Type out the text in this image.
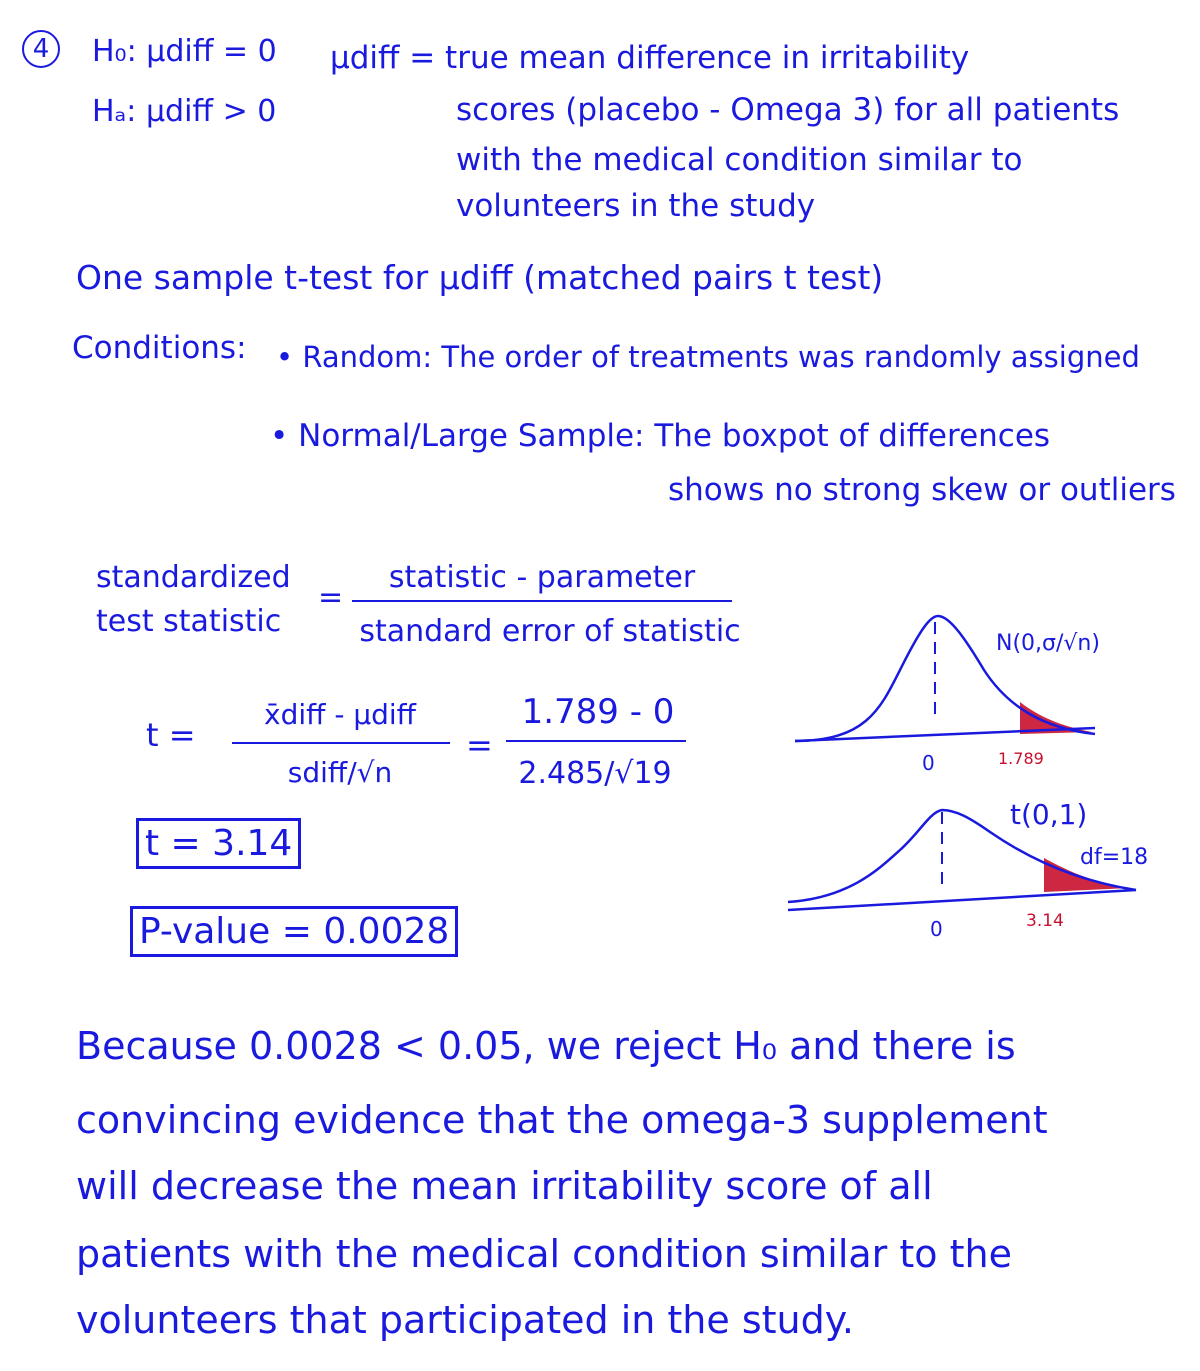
4	H₀: μdiff = 0
Hₐ: μdiff > 0
μdiff = true mean difference in irritability
scores (placebo - Omega 3) for all patients
with the medical condition similar to
volunteers in the study
One sample t-test for μdiff (matched pairs t test)
Conditions: • Random: The order of treatments was randomly assigned
• Normal/Large Sample: The boxpot of differences
shows no strong skew or outliers
standardized
test statistic
=
statistic - parameter
standard error of statistic
t =
x̄diff - μdiff
sdiff/√n
=
1.789 - 0
2.485/√19
t = 3.14
P-value = 0.0028
N(0,σ/√n)
0	1.789
t(0,1)
df=18
0	3.14
Because 0.0028 < 0.05, we reject H₀ and there is
convincing evidence that the omega-3 supplement
will decrease the mean irritability score of all
patients with the medical condition similar to the
volunteers that participated in the study.
